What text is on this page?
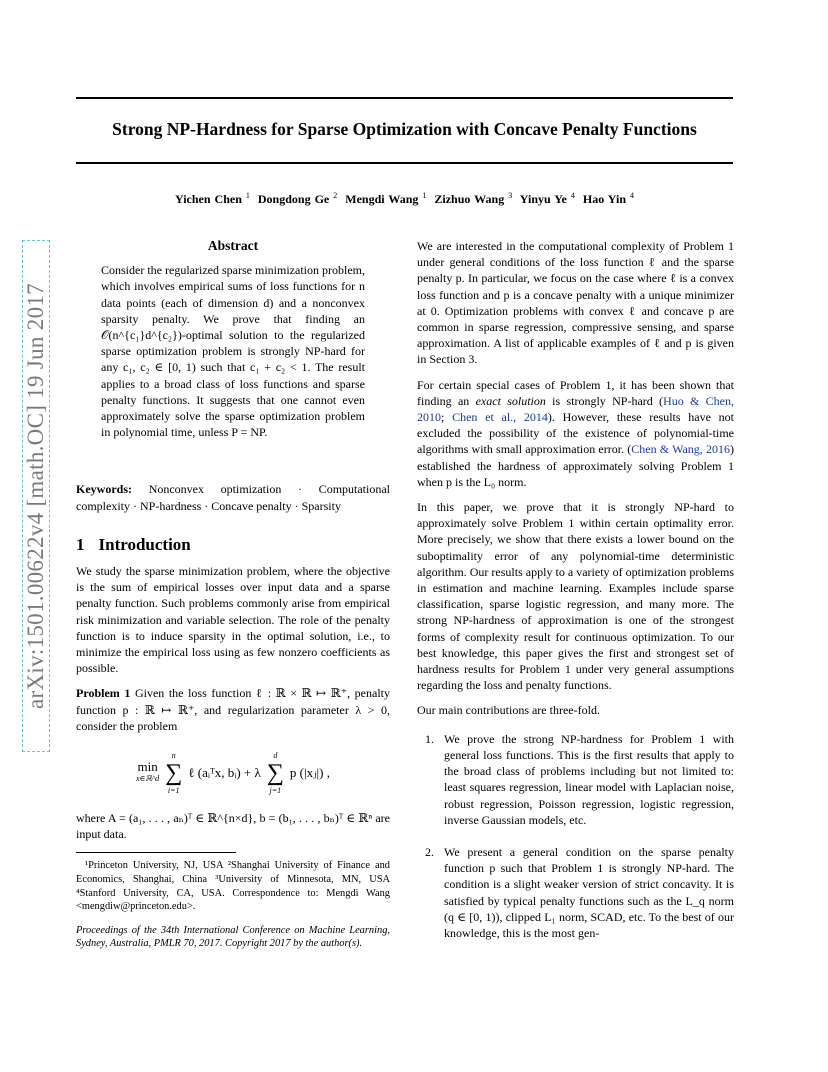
Strong NP-Hardness for Sparse Optimization with Concave Penalty Functions
Yichen Chen $^1$ Dongdong Ge $^2$ Mengdi Wang $^1$ Zizhuo Wang $^3$ Yinyu Ye $^4$ Hao Yin $^4$
arXiv:1501.00622v4 [math.OC] 19 Jun 2017
Abstract
Consider the regularized sparse minimization problem, which involves empirical sums of loss functions for n data points (each of dimension d) and a nonconvex sparsity penalty. We prove that finding an 𝒪(n^{c₁}d^{c₂})-optimal solution to the regularized sparse optimization problem is strongly NP-hard for any c₁, c₂ ∈ [0, 1) such that c₁ + c₂ < 1. The result applies to a broad class of loss functions and sparse penalty functions. It suggests that one cannot even approximately solve the sparse optimization problem in polynomial time, unless P = NP.
Keywords: Nonconvex optimization · Computational complexity · NP-hardness · Concave penalty · Sparsity
1 Introduction

We study the sparse minimization problem, where the objective is the sum of empirical losses over input data and a sparse penalty function. Such problems commonly arise from empirical risk minimization and variable selection. The role of the penalty function is to induce sparsity in the optimal solution, i.e., to minimize the empirical loss using as few nonzero coefficients as possible.

Problem 1 Given the loss function ℓ : ℝ × ℝ ↦ ℝ⁺, penalty function p : ℝ ↦ ℝ⁺, and regularization parameter λ > 0, consider the problem

min
x∈ℝ^d
n
∑
i=1
ℓ (aᵢᵀx, bᵢ) + λ
d
∑
j=1
p (|xⱼ|) ,

where A = (a₁, . . . , aₙ)ᵀ ∈ ℝ^{n×d}, b = (b₁, . . . , bₙ)ᵀ ∈ ℝⁿ are input data.

¹Princeton University, NJ, USA ²Shanghai University of Finance and Economics, Shanghai, China ³University of Minnesota, MN, USA ⁴Stanford University, CA, USA. Correspondence to: Mengdi Wang <mengdiw@princeton.edu>.
Proceedings of the 34th International Conference on Machine Learning, Sydney, Australia, PMLR 70, 2017. Copyright 2017 by the author(s).

We are interested in the computational complexity of Problem 1 under general conditions of the loss function ℓ and the sparse penalty p. In particular, we focus on the case where ℓ is a convex loss function and p is a concave penalty with a unique minimizer at 0. Optimization problems with convex ℓ and concave p are common in sparse regression, compressive sensing, and sparse approximation. A list of applicable examples of ℓ and p is given in Section 3.

For certain special cases of Problem 1, it has been shown that finding an exact solution is strongly NP-hard (Huo & Chen, 2010; Chen et al., 2014). However, these results have not excluded the possibility of the existence of polynomial-time algorithms with small approximation error. (Chen & Wang, 2016) established the hardness of approximately solving Problem 1 when p is the L₀ norm.

In this paper, we prove that it is strongly NP-hard to approximately solve Problem 1 within certain optimality error. More precisely, we show that there exists a lower bound on the suboptimality error of any polynomial-time deterministic algorithm. Our results apply to a variety of optimization problems in estimation and machine learning. Examples include sparse classification, sparse logistic regression, and many more. The strong NP-hardness of approximation is one of the strongest forms of complexity result for continuous optimization. To our best knowledge, this paper gives the first and strongest set of hardness results for Problem 1 under very general assumptions regarding the loss and penalty functions.

Our main contributions are three-fold.

1. We prove the strong NP-hardness for Problem 1 with general loss functions. This is the first results that apply to the broad class of problems including but not limited to: least squares regression, linear model with Laplacian noise, robust regression, Poisson regression, logistic regression, inverse Gaussian models, etc.
2. We present a general condition on the sparse penalty function p such that Problem 1 is strongly NP-hard. The condition is a slight weaker version of strict concavity. It is satisfied by typical penalty functions such as the L_q norm (q ∈ [0, 1)), clipped L₁ norm, SCAD, etc. To the best of our knowledge, this is the most gen-
